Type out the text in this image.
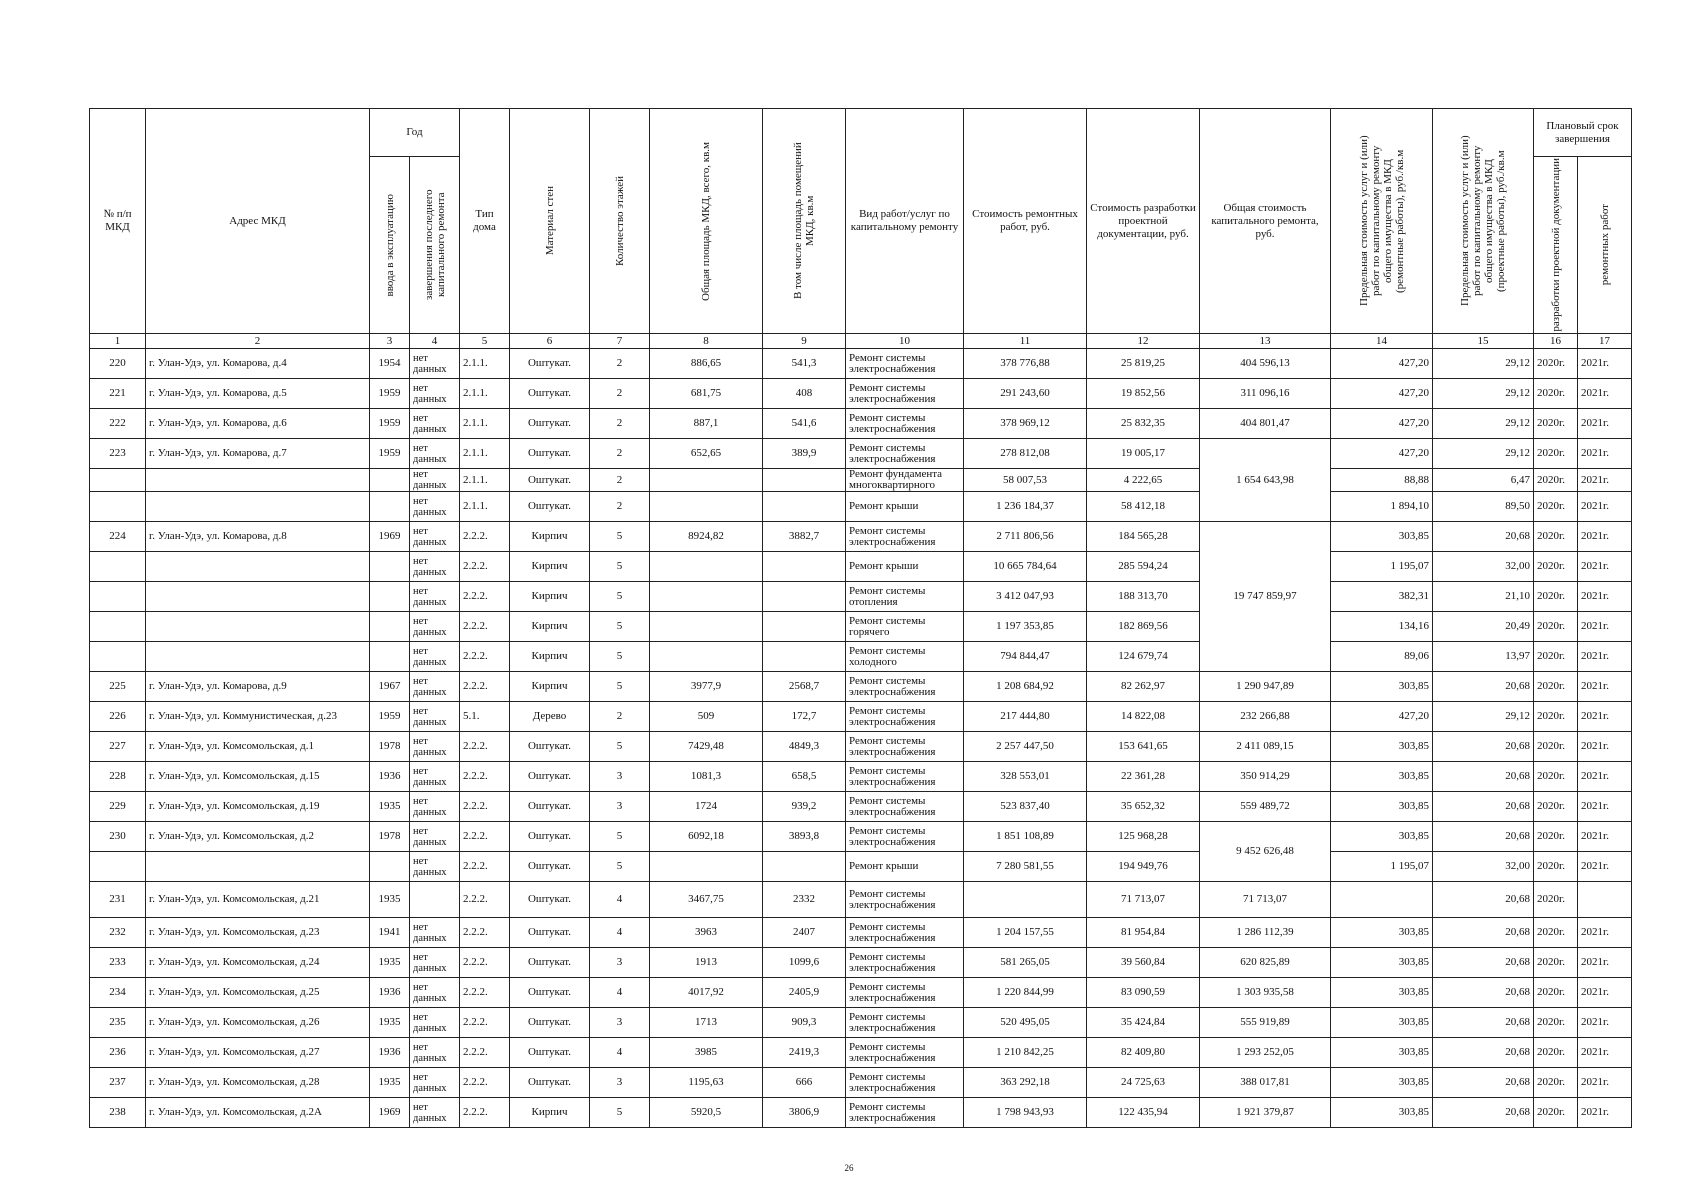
№ п/п МКД	Адрес МКД	Год		Тип дома	Материал стен	Количество этажей	Общая площадь МКД, всего, кв.м	В том числе площадь помещений МКД, кв.м	Вид работ/услуг по капитальному ремонту	Стоимость ремонтных работ, руб.	Стоимость разработки проектной документации, руб.	Общая стоимость капитального ремонта, руб.	Предельная стоимость услуг и (или) работ по капитальному ремонту общего имущества в МКД (ремонтные работы), руб./кв.м	Предельная стоимость услуг и (или) работ по капитальному ремонту общего имущества в МКД (проектные работы), руб./кв.м	Плановый срок завершения	

		ввода в эксплуатацию	завершения последнего капитального ремонта												разработки проектной документации	ремонтных работ

1	2	3	4	5	6	7	8	9	10	11	12	13	14	15	16	17
220	г. Улан-Удэ, ул. Комарова, д.4	1954	нет данных	2.1.1.	Оштукат.	2	886,65	541,3	Ремонт системы электроснабжения	378 776,88	25 819,25	404 596,13	427,20	29,12	2020г.	2021г.
221	г. Улан-Удэ, ул. Комарова, д.5	1959	нет данных	2.1.1.	Оштукат.	2	681,75	408	Ремонт системы электроснабжения	291 243,60	19 852,56	311 096,16	427,20	29,12	2020г.	2021г.
222	г. Улан-Удэ, ул. Комарова, д.6	1959	нет данных	2.1.1.	Оштукат.	2	887,1	541,6	Ремонт системы электроснабжения	378 969,12	25 832,35	404 801,47	427,20	29,12	2020г.	2021г.
223	г. Улан-Удэ, ул. Комарова, д.7	1959	нет данных	2.1.1.	Оштукат.	2	652,65	389,9	Ремонт системы электроснабжения	278 812,08	19 005,17	1 654 643,98	427,20	29,12	2020г.	2021г.
			нет данных	2.1.1.	Оштукат.	2			Ремонт фундамента многоквартирного	58 007,53	4 222,65		88,88	6,47	2020г.	2021г.
			нет данных	2.1.1.	Оштукат.	2			Ремонт крыши	1 236 184,37	58 412,18		1 894,10	89,50	2020г.	2021г.
224	г. Улан-Удэ, ул. Комарова, д.8	1969	нет данных	2.2.2.	Кирпич	5	8924,82	3882,7	Ремонт системы электроснабжения	2 711 806,56	184 565,28	19 747 859,97	303,85	20,68	2020г.	2021г.
			нет данных	2.2.2.	Кирпич	5			Ремонт крыши	10 665 784,64	285 594,24		1 195,07	32,00	2020г.	2021г.
			нет данных	2.2.2.	Кирпич	5			Ремонт системы отопления	3 412 047,93	188 313,70		382,31	21,10	2020г.	2021г.
			нет данных	2.2.2.	Кирпич	5			Ремонт системы горячего	1 197 353,85	182 869,56		134,16	20,49	2020г.	2021г.
			нет данных	2.2.2.	Кирпич	5			Ремонт системы холодного	794 844,47	124 679,74		89,06	13,97	2020г.	2021г.
225	г. Улан-Удэ, ул. Комарова, д.9	1967	нет данных	2.2.2.	Кирпич	5	3977,9	2568,7	Ремонт системы электроснабжения	1 208 684,92	82 262,97	1 290 947,89	303,85	20,68	2020г.	2021г.
226	г. Улан-Удэ, ул. Коммунистическая, д.23	1959	нет данных	5.1.	Дерево	2	509	172,7	Ремонт системы электроснабжения	217 444,80	14 822,08	232 266,88	427,20	29,12	2020г.	2021г.
227	г. Улан-Удэ, ул. Комсомольская, д.1	1978	нет данных	2.2.2.	Оштукат.	5	7429,48	4849,3	Ремонт системы электроснабжения	2 257 447,50	153 641,65	2 411 089,15	303,85	20,68	2020г.	2021г.
228	г. Улан-Удэ, ул. Комсомольская, д.15	1936	нет данных	2.2.2.	Оштукат.	3	1081,3	658,5	Ремонт системы электроснабжения	328 553,01	22 361,28	350 914,29	303,85	20,68	2020г.	2021г.
229	г. Улан-Удэ, ул. Комсомольская, д.19	1935	нет данных	2.2.2.	Оштукат.	3	1724	939,2	Ремонт системы электроснабжения	523 837,40	35 652,32	559 489,72	303,85	20,68	2020г.	2021г.
230	г. Улан-Удэ, ул. Комсомольская, д.2	1978	нет данных	2.2.2.	Оштукат.	5	6092,18	3893,8	Ремонт системы электроснабжения	1 851 108,89	125 968,28	9 452 626,48	303,85	20,68	2020г.	2021г.
			нет данных	2.2.2.	Оштукат.	5			Ремонт крыши	7 280 581,55	194 949,76		1 195,07	32,00	2020г.	2021г.
231	г. Улан-Удэ, ул. Комсомольская, д.21	1935		2.2.2.	Оштукат.	4	3467,75	2332	Ремонт системы электроснабжения		71 713,07	71 713,07		20,68	2020г.	
232	г. Улан-Удэ, ул. Комсомольская, д.23	1941	нет данных	2.2.2.	Оштукат.	4	3963	2407	Ремонт системы электроснабжения	1 204 157,55	81 954,84	1 286 112,39	303,85	20,68	2020г.	2021г.
233	г. Улан-Удэ, ул. Комсомольская, д.24	1935	нет данных	2.2.2.	Оштукат.	3	1913	1099,6	Ремонт системы электроснабжения	581 265,05	39 560,84	620 825,89	303,85	20,68	2020г.	2021г.
234	г. Улан-Удэ, ул. Комсомольская, д.25	1936	нет данных	2.2.2.	Оштукат.	4	4017,92	2405,9	Ремонт системы электроснабжения	1 220 844,99	83 090,59	1 303 935,58	303,85	20,68	2020г.	2021г.
235	г. Улан-Удэ, ул. Комсомольская, д.26	1935	нет данных	2.2.2.	Оштукат.	3	1713	909,3	Ремонт системы электроснабжения	520 495,05	35 424,84	555 919,89	303,85	20,68	2020г.	2021г.
236	г. Улан-Удэ, ул. Комсомольская, д.27	1936	нет данных	2.2.2.	Оштукат.	4	3985	2419,3	Ремонт системы электроснабжения	1 210 842,25	82 409,80	1 293 252,05	303,85	20,68	2020г.	2021г.
237	г. Улан-Удэ, ул. Комсомольская, д.28	1935	нет данных	2.2.2.	Оштукат.	3	1195,63	666	Ремонт системы электроснабжения	363 292,18	24 725,63	388 017,81	303,85	20,68	2020г.	2021г.
238	г. Улан-Удэ, ул. Комсомольская, д.2А	1969	нет данных	2.2.2.	Кирпич	5	5920,5	3806,9	Ремонт системы электроснабжения	1 798 943,93	122 435,94	1 921 379,87	303,85	20,68	2020г.	2021г.
26
